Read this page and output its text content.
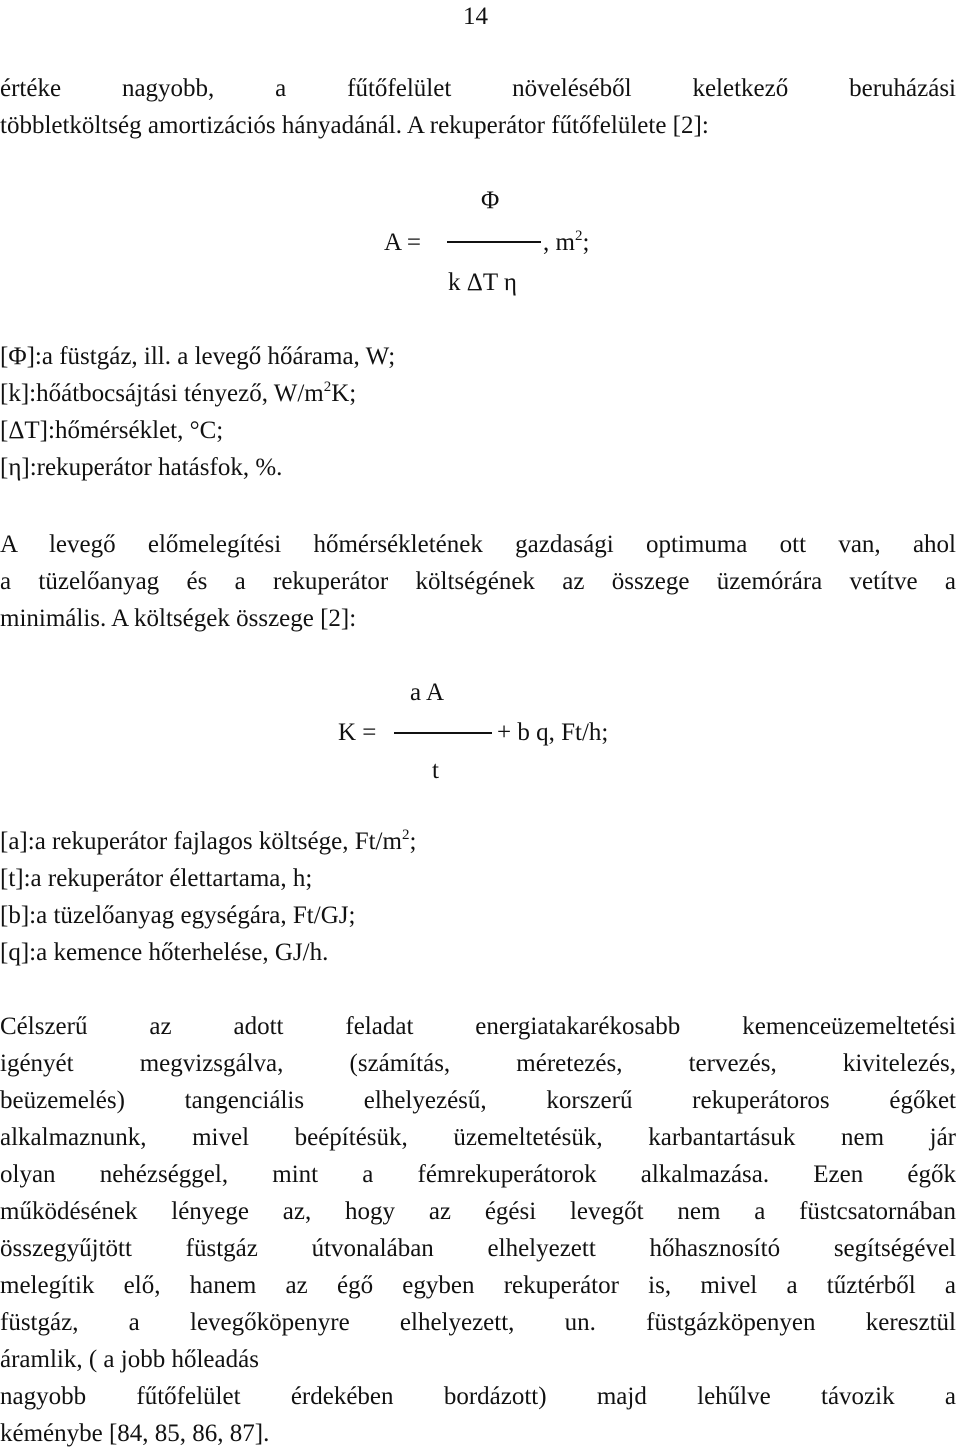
14
értéke nagyobb, a fűtőfelület növeléséből keletkező beruházási
többletköltség amortizációs hányadánál. A rekuperátor fűtőfelülete [2]:
A =
Φ
k ΔT η
, $m^2$;
[Φ]:a füstgáz, ill. a levegő hőárama, W;
[k]:hőátbocsájtási tényező, $W/m^2K$;
[ΔT]:hőmérséklet, °C;
[η]:rekuperátor hatásfok, %.
A levegő előmelegítési hőmérsékletének gazdasági optimuma ott van, ahol
a tüzelőanyag és a rekuperátor költségének az összege üzemórára vetítve a
minimális. A költségek összege [2]:
K =
a A
t
+ b q, Ft/h;
[a]:a rekuperátor fajlagos költsége, $Ft/m^2$;
[t]:a rekuperátor élettartama, h;
[b]:a tüzelőanyag egységára, Ft/GJ;
[q]:a kemence hőterhelése, GJ/h.
Célszerű az adott feladat energiatakarékosabb kemenceüzemeltetési
igényét megvizsgálva, (számítás, méretezés, tervezés, kivitelezés,
beüzemelés) tangenciális elhelyezésű, korszerű rekuperátoros égőket
alkalmaznunk, mivel beépítésük, üzemeltetésük, karbantartásuk nem jár
olyan nehézséggel, mint a fémrekuperátorok alkalmazása. Ezen égők
működésének lényege az, hogy az égési levegőt nem a füstcsatornában
összegyűjtött füstgáz útvonalában elhelyezett hőhasznosító segítségével
melegítik elő, hanem az égő egyben rekuperátor is, mivel a tűztérből a
füstgáz, a levegőköpenyre elhelyezett, un. füstgázköpenyen keresztül
áramlik, ( a jobb hőleadás
nagyobb fűtőfelület érdekében bordázott) majd lehűlve távozik a
kéménybe [84, 85, 86, 87].
